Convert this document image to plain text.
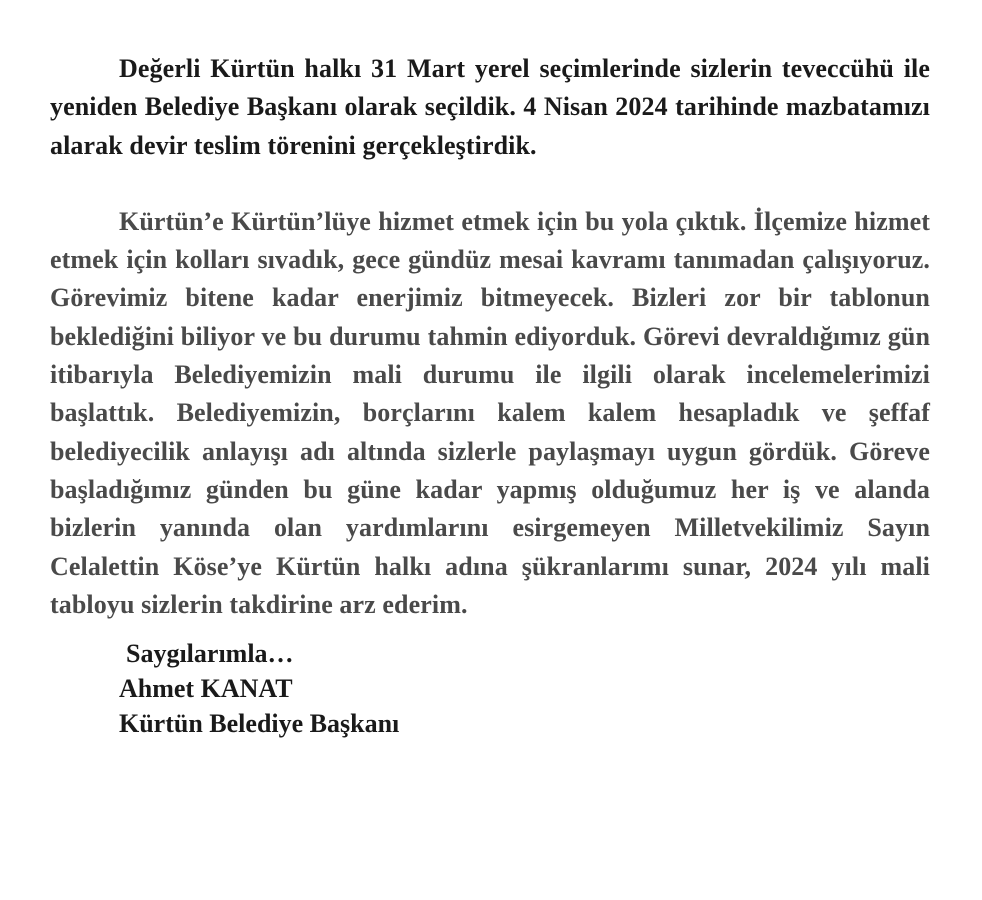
Değerli Kürtün halkı 31 Mart yerel seçimlerinde sizlerin teveccühü ile yeniden Belediye Başkanı olarak seçildik. 4 Nisan 2024 tarihinde mazbatamızı alarak devir teslim törenini gerçekleştirdik.

Kürtün’e Kürtün’lüye hizmet etmek için bu yola çıktık. İlçemize hizmet etmek için kolları sıvadık, gece gündüz mesai kavramı tanımadan çalışıyoruz. Görevimiz bitene kadar enerjimiz bitmeyecek. Bizleri zor bir tablonun beklediğini biliyor ve bu durumu tahmin ediyorduk. Görevi devraldığımız gün itibarıyla Belediyemizin mali durumu ile ilgili olarak incelemelerimizi başlattık. Belediyemizin, borçlarını kalem kalem hesapladık ve şeffaf belediyecilik anlayışı adı altında sizlerle paylaşmayı uygun gördük. Göreve başladığımız günden bu güne kadar yapmış olduğumuz her iş ve alanda bizlerin yanında olan yardımlarını esirgemeyen Milletvekilimiz Sayın Celalettin Köse’ye Kürtün halkı adına şükranlarımı sunar, 2024 yılı mali tabloyu sizlerin takdirine arz ederim.

Saygılarımla…
Ahmet KANAT
Kürtün Belediye Başkanı
